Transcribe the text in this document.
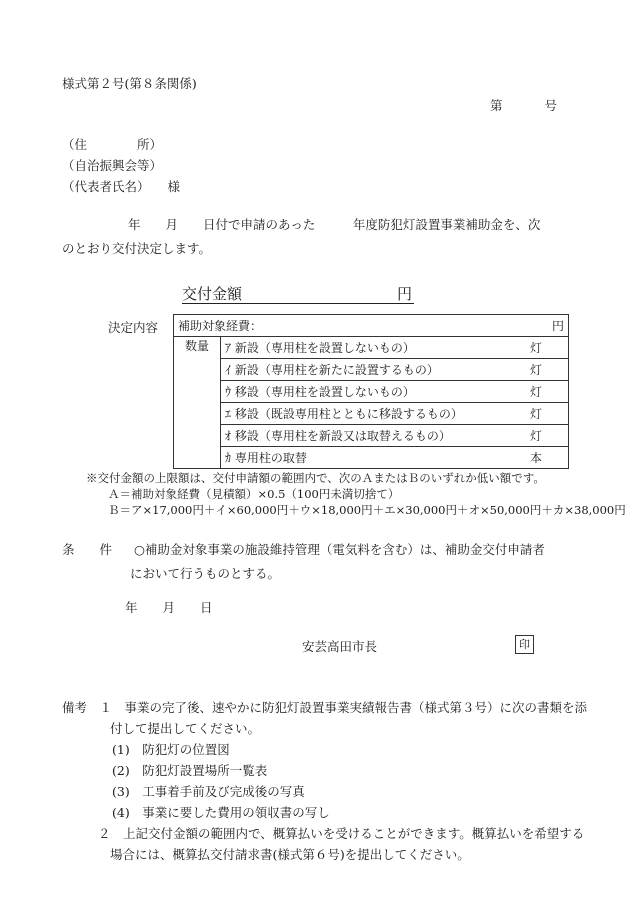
様式第２号(第８条関係)
第	号
（住　　　　所）
（自治振興会等）
（代表者氏名） 様
年　　月　　日付で申請のあった　　　年度防犯灯設置事業補助金を、次
のとおり交付決定します。
交付金額	円
決定内容 補助対象経費：	円

数量	ｱ 新設（専用柱を設置しないもの）	灯

ｲ 新設（専用柱を新たに設置するもの）	灯

ｳ 移設（専用柱を設置しないもの）	灯

ｴ 移設（既設専用柱とともに移設するもの）	灯

ｵ 移設（専用柱を新設又は取替えるもの）	灯

ｶ 専用柱の取替	本
※交付金額の上限額は、交付申請額の範囲内で、次のＡまたはＢのいずれか低い額です。
Ａ＝補助対象経費（見積額）×0.5（100円未満切捨て）
Ｂ＝ア×17,000円＋イ×60,000円＋ウ×18,000円＋エ×30,000円＋オ×50,000円＋カ×38,000円
条　　件 ○補助金対象事業の施設維持管理（電気料を含む）は、補助金交付申請者
において行うものとする。
年　　月　　日
安芸高田市長	印
備考　１　事業の完了後、速やかに防犯灯設置事業実績報告書（様式第３号）に次の書類を添
付して提出してください。
(1)　防犯灯の位置図
(2)　防犯灯設置場所一覧表
(3)　工事着手前及び完成後の写真
(4)　事業に要した費用の領収書の写し
２　上記交付金額の範囲内で、概算払いを受けることができます。概算払いを希望する
場合には、概算払交付請求書(様式第６号)を提出してください。
